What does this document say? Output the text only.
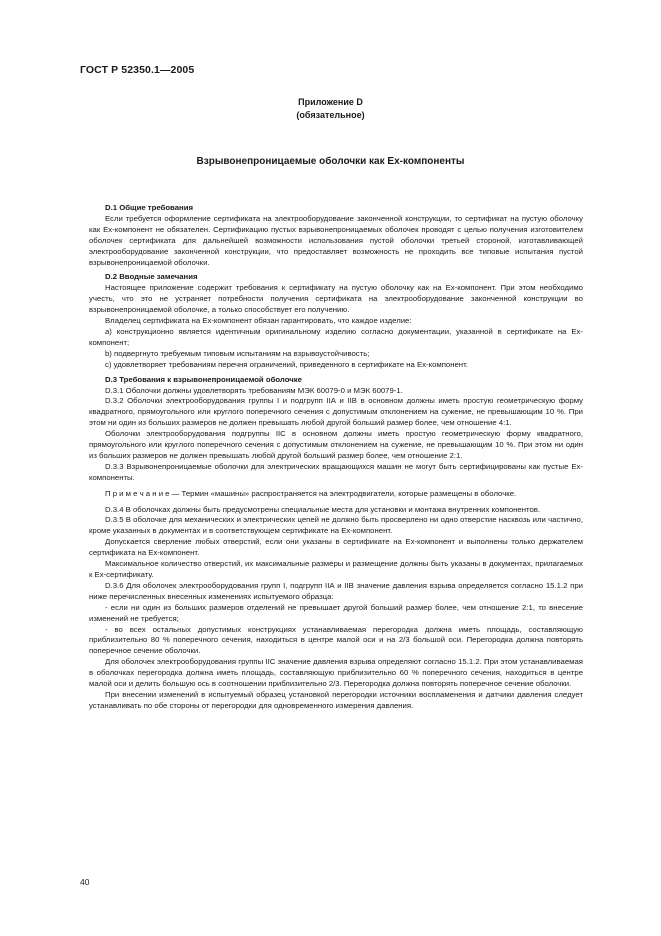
ГОСТ Р 52350.1—2005
Приложение D
(обязательное)
Взрывонепроницаемые оболочки как Ех-компоненты

D.1 Общие требования

Если требуется оформление сертификата на электрооборудование законченной конструкции, то сертификат на пустую оболочку как Ех-компонент не обязателен. Сертификацию пустых взрывонепроницаемых оболочек проводят с целью получения изготовителем оболочек сертификата для дальнейшей возможности использования пустой оболочки третьей стороной, изготавливающей электрооборудование законченной конструкции, что предоставляет возможность не проходить все типовые испытания пустой взрывонепроницаемой оболочки.

D.2 Вводные замечания

Настоящее приложение содержит требования к сертификату на пустую оболочку как на Ех-компонент. При этом необходимо учесть, что это не устраняет потребности получения сертификата на электрооборудование законченной конструкции во взрывонепроницаемой оболочке, а только способствует его получению.

Владелец сертификата на Ех-компонент обязан гарантировать, что каждое изделие:

a) конструкционно является идентичным оригинальному изделию согласно документации, указанной в сертификате на Ех-компонент;

b) подвергнуто требуемым типовым испытаниям на взрывоустойчивость;

c) удовлетворяет требованиям перечня ограничений, приведенного в сертификате на Ех-компонент.

D.3 Требования к взрывонепроницаемой оболочке

D.3.1 Оболочки должны удовлетворять требованиям МЭК 60079-0 и МЭК 60079-1.

D.3.2 Оболочки электрооборудования группы I и подгрупп IIА и IIВ в основном должны иметь простую геометрическую форму квадратного, прямоугольного или круглого поперечного сечения с допустимым отклонением на сужение, не превышающим 10 %. При этом ни один из больших размеров не должен превышать любой другой больший размер более, чем отношение 4:1.

Оболочки электрооборудования подгруппы IIС в основном должны иметь простую геометрическую форму квадратного, прямоугольного или круглого поперечного сечения с допустимым отклонением на сужение, не превышающим 10 %. При этом ни один из больших размеров не должен превышать любой другой больший размер более, чем отношение 2:1.

D.3.3 Взрывонепроницаемые оболочки для электрических вращающихся машин не могут быть сертифицированы как пустые Ех-компоненты.

П р и м е ч а н и е — Термин «машины» распространяется на электродвигатели, которые размещены в оболочке.

D.3.4 В оболочках должны быть предусмотрены специальные места для установки и монтажа внутренних компонентов.

D.3.5 В оболочке для механических и электрических цепей не должно быть просверлено ни одно отверстие насквозь или частично, кроме указанных в документах и в соответствующем сертификате на Ех-компонент.

Допускается сверление любых отверстий, если они указаны в сертификате на Ех-компонент и выполнены только держателем сертификата на Ех-компонент.

Максимальное количество отверстий, их максимальные размеры и размещение должны быть указаны в документах, прилагаемых к Ех-сертификату.

D.3.6 Для оболочек электрооборудования групп I, подгрупп IIА и IIВ значение давления взрыва определяется согласно 15.1.2 при ниже перечисленных внесенных изменениях испытуемого образца:

- если ни один из больших размеров отделений не превышает другой больший размер более, чем отношение 2:1, то внесение изменений не требуется;

- во всех остальных допустимых конструкциях устанавливаемая перегородка должна иметь площадь, составляющую приблизительно 80 % поперечного сечения, находиться в центре малой оси и на 2/3 большой оси. Перегородка должна повторять поперечное сечение оболочки.

Для оболочек электрооборудования группы IIС значение давления взрыва определяют согласно 15.1.2. При этом устанавливаемая в оболочках перегородка должна иметь площадь, составляющую приблизительно 60 % поперечного сечения, находиться в центре малой оси и делить большую ось в соотношении приблизительно 2/3. Перегородка должна повторять поперечное сечение оболочки.

При внесении изменений в испытуемый образец установкой перегородки источники воспламенения и датчики давления следует устанавливать по обе стороны от перегородки для одновременного измерения давления.

40
